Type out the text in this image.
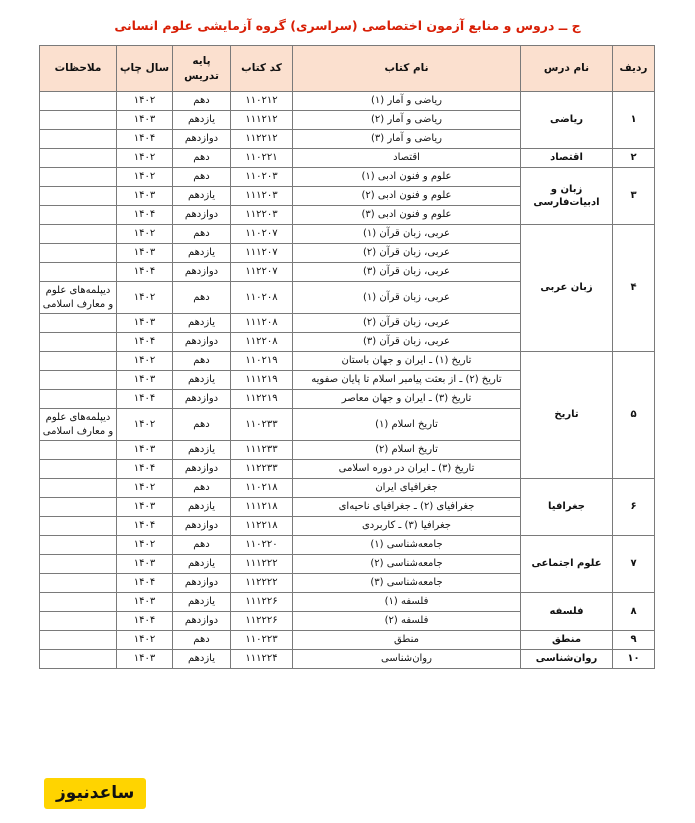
ج ــ دروس و منابع آزمون اختصاصی (سراسری) گروه آزمایشی علوم انسانی
ردیف	نام درس	نام کتاب	کد کتاب	پایه تدریس	سال چاپ	ملاحظات
۱	ریاضی	ریاضی و آمار (۱)	۱۱۰۲۱۲	دهم	۱۴۰۲	
		ریاضی و آمار (۲)	۱۱۱۲۱۲	یازدهم	۱۴۰۳	
		ریاضی و آمار (۳)	۱۱۲۲۱۲	دوازدهم	۱۴۰۴	
۲	اقتصاد	اقتصاد	۱۱۰۲۲۱	دهم	۱۴۰۲	
۳	زبان و ادبیات‌فارسی	علوم و فنون ادبی (۱)	۱۱۰۲۰۳	دهم	۱۴۰۲	
		علوم و فنون ادبی (۲)	۱۱۱۲۰۳	یازدهم	۱۴۰۳	
		علوم و فنون ادبی (۳)	۱۱۲۲۰۳	دوازدهم	۱۴۰۴	
۴	زبان عربی	عربی، زبان قرآن (۱)	۱۱۰۲۰۷	دهم	۱۴۰۲	
		عربی، زبان قرآن (۲)	۱۱۱۲۰۷	یازدهم	۱۴۰۳	
		عربی، زبان قرآن (۳)	۱۱۲۲۰۷	دوازدهم	۱۴۰۴	
		عربی، زبان قرآن (۱)	۱۱۰۲۰۸	دهم	۱۴۰۲	دیپلمه‌های علوم و معارف اسلامی
		عربی، زبان قرآن (۲)	۱۱۱۲۰۸	یازدهم	۱۴۰۳	
		عربی، زبان قرآن (۳)	۱۱۲۲۰۸	دوازدهم	۱۴۰۴	
۵	تاریخ	تاریخ (۱) ـ ایران و جهان باستان	۱۱۰۲۱۹	دهم	۱۴۰۲	
		تاریخ (۲) ـ از بعثت پیامبر اسلام تا پایان صفویه	۱۱۱۲۱۹	یازدهم	۱۴۰۳	
		تاریخ (۳) ـ ایران و جهان معاصر	۱۱۲۲۱۹	دوازدهم	۱۴۰۴	
		تاریخ اسلام (۱)	۱۱۰۲۳۳	دهم	۱۴۰۲	دیپلمه‌های علوم و معارف اسلامی
		تاریخ اسلام (۲)	۱۱۱۲۳۳	یازدهم	۱۴۰۳	
		تاریخ (۳) ـ ایران در دوره اسلامی	۱۱۲۲۳۳	دوازدهم	۱۴۰۴	
۶	جغرافیا	جغرافیای ایران	۱۱۰۲۱۸	دهم	۱۴۰۲	
		جغرافیای (۲) ـ جغرافیای ناحیه‌ای	۱۱۱۲۱۸	یازدهم	۱۴۰۳	
		جغرافیا (۳) ـ کاربردی	۱۱۲۲۱۸	دوازدهم	۱۴۰۴	
۷	علوم اجتماعی	جامعه‌شناسی (۱)	۱۱۰۲۲۰	دهم	۱۴۰۲	
		جامعه‌شناسی (۲)	۱۱۱۲۲۲	یازدهم	۱۴۰۳	
		جامعه‌شناسی (۳)	۱۱۲۲۲۲	دوازدهم	۱۴۰۴	
۸	فلسفه	فلسفه (۱)	۱۱۱۲۲۶	یازدهم	۱۴۰۳	
		فلسفه (۲)	۱۱۲۲۲۶	دوازدهم	۱۴۰۴	
۹	منطق	منطق	۱۱۰۲۲۳	دهم	۱۴۰۲	
۱۰	روان‌شناسی	روان‌شناسی	۱۱۱۲۲۴	یازدهم	۱۴۰۳	
ساعدنیوز
